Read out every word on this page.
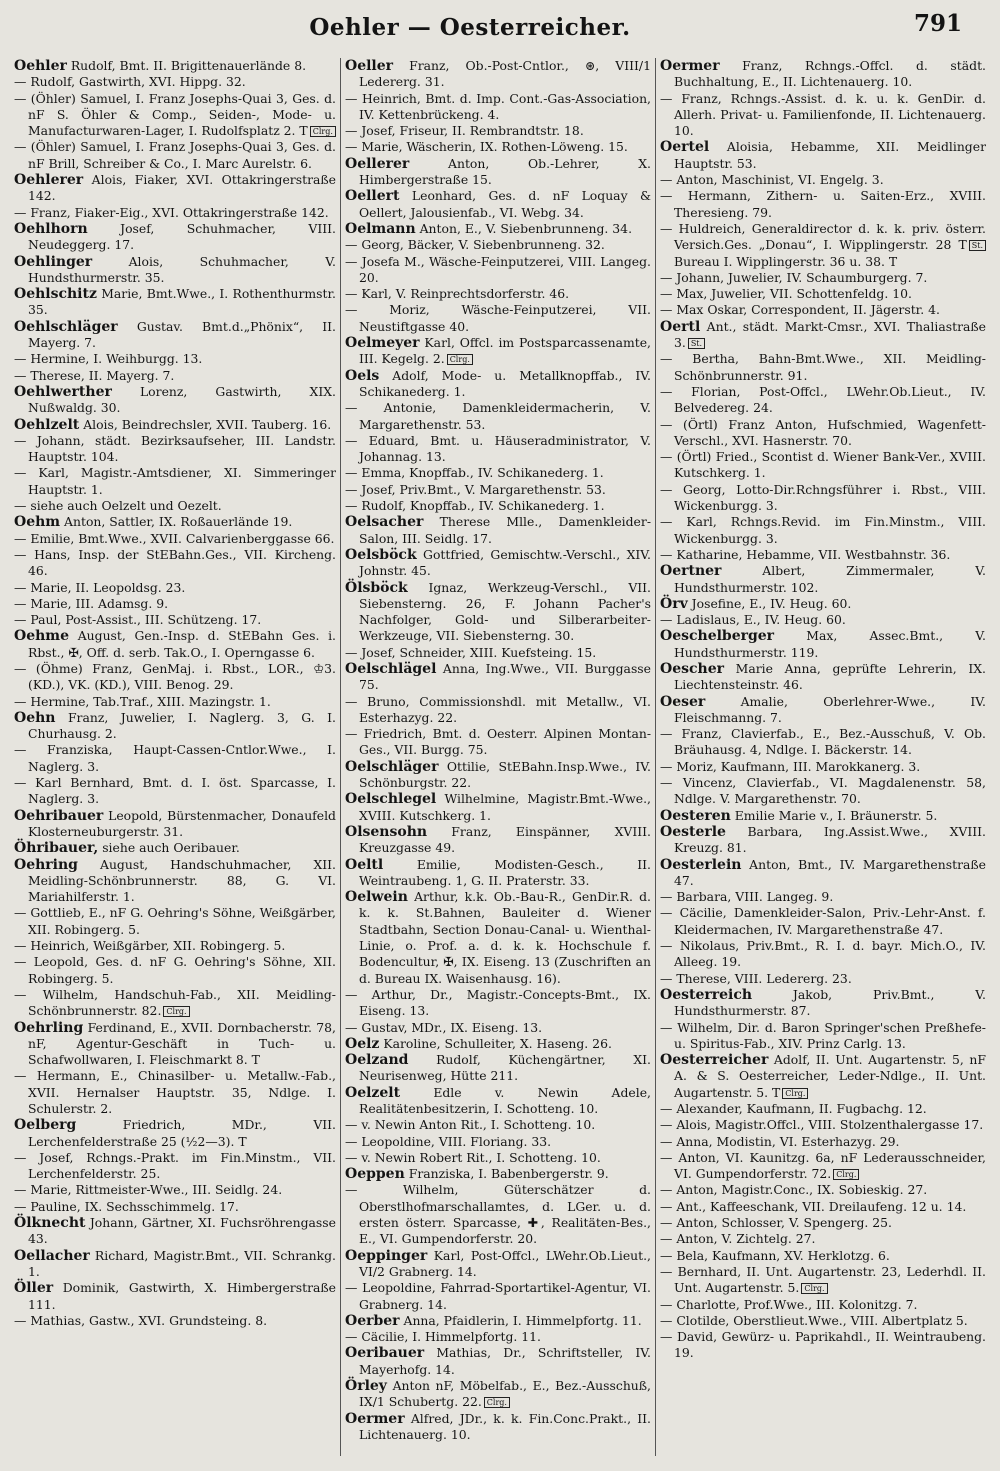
Oehler — Oesterreicher.	791

Oehler Rudolf, Bmt. II. Brigittenauerlände 8.

— Rudolf, Gastwirth, XVI. Hippg. 32.

— (Öhler) Samuel, I. Franz Josephs-Quai 3, Ges. d. nF S. Öhler & Comp., Seiden-, Mode- u. Manufacturwaren-Lager, I. Rudolfsplatz 2. T Clrg.

— (Öhler) Samuel, I. Franz Josephs-Quai 3, Ges. d. nF Brill, Schreiber & Co., I. Marc Aurelstr. 6.

Oehlerer Alois, Fiaker, XVI. Ottakringerstraße 142.

— Franz, Fiaker-Eig., XVI. Ottakringerstraße 142.

Oehlhorn Josef, Schuhmacher, VIII. Neudeggerg. 17.

Oehlinger Alois, Schuhmacher, V. Hundsthurmerstr. 35.

Oehlschitz Marie, Bmt.Wwe., I. Rothenthurmstr. 35.

Oehlschläger Gustav. Bmt.d.„Phönix“, II. Mayerg. 7.

— Hermine, I. Weihburgg. 13.

— Therese, II. Mayerg. 7.

Oehlwerther Lorenz, Gastwirth, XIX. Nußwaldg. 30.

Oehlzelt Alois, Beindrechsler, XVII. Tauberg. 16.

— Johann, städt. Bezirksaufseher, III. Landstr. Hauptstr. 104.

— Karl, Magistr.-Amtsdiener, XI. Simmeringer Hauptstr. 1.

— siehe auch Oelzelt und Oezelt.

Oehm Anton, Sattler, IX. Roßauerlände 19.

— Emilie, Bmt.Wwe., XVII. Calvarienberggasse 66.

— Hans, Insp. der StEBahn.Ges., VII. Kircheng. 46.

— Marie, II. Leopoldsg. 23.

— Marie, III. Adamsg. 9.

— Paul, Post-Assist., III. Schützeng. 17.

Oehme August, Gen.-Insp. d. StEBahn Ges. i. Rbst., ✠, Off. d. serb. Tak.O., I. Operngasse 6.

— (Öhme) Franz, GenMaj. i. Rbst., LOR., ♔3. (KD.), VK. (KD.), VIII. Benog. 29.

— Hermine, Tab.Traf., XIII. Mazingstr. 1.

Oehn Franz, Juwelier, I. Naglerg. 3, G. I. Churhausg. 2.

— Franziska, Haupt-Cassen-Cntlor.Wwe., I. Naglerg. 3.

— Karl Bernhard, Bmt. d. I. öst. Sparcasse, I. Naglerg. 3.

Oehribauer Leopold, Bürstenmacher, Donaufeld Klosterneuburgerstr. 31.

Öhribauer, siehe auch Oeribauer.

Oehring August, Handschuhmacher, XII. Meidling-Schönbrunnerstr. 88, G. VI. Mariahilferstr. 1.

— Gottlieb, E., nF G. Oehring's Söhne, Weißgärber, XII. Robingerg. 5.

— Heinrich, Weißgärber, XII. Robingerg. 5.

— Leopold, Ges. d. nF G. Oehring's Söhne, XII. Robingerg. 5.

— Wilhelm, Handschuh-Fab., XII. Meidling-Schönbrunnerstr. 82. Clrg.

Oehrling Ferdinand, E., XVII. Dornbacherstr. 78, nF, Agentur-Geschäft in Tuch- u. Schafwollwaren, I. Fleischmarkt 8. T

— Hermann, E., Chinasilber- u. Metallw.-Fab., XVII. Hernalser Hauptstr. 35, Ndlge. I. Schulerstr. 2.

Oelberg Friedrich, MDr., VII. Lerchenfelderstraße 25 (½2—3). T

— Josef, Rchngs.-Prakt. im Fin.Minstm., VII. Lerchenfelderstr. 25.

— Marie, Rittmeister-Wwe., III. Seidlg. 24.

— Pauline, IX. Sechsschimmelg. 17.

Ölknecht Johann, Gärtner, XI. Fuchsröhrengasse 43.

Oellacher Richard, Magistr.Bmt., VII. Schrankg. 1.

Öller Dominik, Gastwirth, X. Himbergerstraße 111.

— Mathias, Gastw., XVI. Grundsteing. 8.

Oeller Franz, Ob.-Post-Cntlor., ⊛, VIII/1 Ledererg. 31.

— Heinrich, Bmt. d. Imp. Cont.-Gas-Association, IV. Kettenbrückeng. 4.

— Josef, Friseur, II. Rembrandtstr. 18.

— Marie, Wäscherin, IX. Rothen-Löweng. 15.

Oellerer Anton, Ob.-Lehrer, X. Himbergerstraße 15.

Oellert Leonhard, Ges. d. nF Loquay & Oellert, Jalousienfab., VI. Webg. 34.

Oelmann Anton, E., V. Siebenbrunneng. 34.

— Georg, Bäcker, V. Siebenbrunneng. 32.

— Josefa M., Wäsche-Feinputzerei, VIII. Langeg. 20.

— Karl, V. Reinprechtsdorferstr. 46.

— Moriz, Wäsche-Feinputzerei, VII. Neustiftgasse 40.

Oelmeyer Karl, Offcl. im Postsparcassenamte, III. Kegelg. 2. Clrg.

Oels Adolf, Mode- u. Metallknopffab., IV. Schikanederg. 1.

— Antonie, Damenkleidermacherin, V. Margarethenstr. 53.

— Eduard, Bmt. u. Häuseradministrator, V. Johannag. 13.

— Emma, Knopffab., IV. Schikanederg. 1.

— Josef, Priv.Bmt., V. Margarethenstr. 53.

— Rudolf, Knopffab., IV. Schikanederg. 1.

Oelsacher Therese Mlle., Damenkleider-Salon, III. Seidlg. 17.

Oelsböck Gottfried, Gemischtw.-Verschl., XIV. Johnstr. 45.

Ölsböck Ignaz, Werkzeug-Verschl., VII. Siebensterng. 26, F. Johann Pacher's Nachfolger, Gold- und Silberarbeiter-Werkzeuge, VII. Siebensterng. 30.

— Josef, Schneider, XIII. Kuefsteing. 15.

Oelschlägel Anna, Ing.Wwe., VII. Burggasse 75.

— Bruno, Commissionshdl. mit Metallw., VI. Esterhazyg. 22.

— Friedrich, Bmt. d. Oesterr. Alpinen Montan-Ges., VII. Burgg. 75.

Oelschläger Ottilie, StEBahn.Insp.Wwe., IV. Schönburgstr. 22.

Oelschlegel Wilhelmine, Magistr.Bmt.-Wwe., XVIII. Kutschkerg. 1.

Olsensohn Franz, Einspänner, XVIII. Kreuzgasse 49.

Oeltl Emilie, Modisten-Gesch., II. Weintraubeng. 1, G. II. Praterstr. 33.

Oelwein Arthur, k.k. Ob.-Bau-R., GenDir.R. d. k. k. St.Bahnen, Bauleiter d. Wiener Stadtbahn, Section Donau-Canal- u. Wienthal-Linie, o. Prof. a. d. k. k. Hochschule f. Bodencultur, ✠, IX. Eiseng. 13 (Zuschriften an d. Bureau IX. Waisenhausg. 16).

— Arthur, Dr., Magistr.-Concepts-Bmt., IX. Eiseng. 13.

— Gustav, MDr., IX. Eiseng. 13.

Oelz Karoline, Schulleiter, X. Haseng. 26.

Oelzand Rudolf, Küchengärtner, XI. Neurisenweg, Hütte 211.

Oelzelt Edle v. Newin Adele, Realitätenbesitzerin, I. Schotteng. 10.

— v. Newin Anton Rit., I. Schotteng. 10.

— Leopoldine, VIII. Floriang. 33.

— v. Newin Robert Rit., I. Schotteng. 10.

Oeppen Franziska, I. Babenbergerstr. 9.

— Wilhelm, Güterschätzer d. Oberstlhofmarschallamtes, d. LGer. u. d. ersten österr. Sparcasse, ✚, Realitäten-Bes., E., VI. Gumpendorferstr. 20.

Oeppinger Karl, Post-Offcl., LWehr.Ob.Lieut., VI/2 Grabnerg. 14.

— Leopoldine, Fahrrad-Sportartikel-Agentur, VI. Grabnerg. 14.

Oerber Anna, Pfaidlerin, I. Himmelpfortg. 11.

— Cäcilie, I. Himmelpfortg. 11.

Oeribauer Mathias, Dr., Schriftsteller, IV. Mayerhofg. 14.

Örley Anton nF, Möbelfab., E., Bez.-Ausschuß, IX/1 Schubertg. 22. Clrg.

Oermer Alfred, JDr., k. k. Fin.Conc.Prakt., II. Lichtenauerg. 10.

Oermer Franz, Rchngs.-Offcl. d. städt. Buchhaltung, E., II. Lichtenauerg. 10.

— Franz, Rchngs.-Assist. d. k. u. k. GenDir. d. Allerh. Privat- u. Familienfonde, II. Lichtenauerg. 10.

Oertel Aloisia, Hebamme, XII. Meidlinger Hauptstr. 53.

— Anton, Maschinist, VI. Engelg. 3.

— Hermann, Zithern- u. Saiten-Erz., XVIII. Theresieng. 79.

— Huldreich, Generaldirector d. k. k. priv. österr. Versich.Ges. „Donau“, I. Wipplingerstr. 28 T St. Bureau I. Wipplingerstr. 36 u. 38. T

— Johann, Juwelier, IV. Schaumburgerg. 7.

— Max, Juwelier, VII. Schottenfeldg. 10.

— Max Oskar, Correspondent, II. Jägerstr. 4.

Oertl Ant., städt. Markt-Cmsr., XVI. Thaliastraße 3. St.

— Bertha, Bahn-Bmt.Wwe., XII. Meidling-Schönbrunnerstr. 91.

— Florian, Post-Offcl., LWehr.Ob.Lieut., IV. Belvedereg. 24.

— (Örtl) Franz Anton, Hufschmied, Wagenfett-Verschl., XVI. Hasnerstr. 70.

— (Örtl) Fried., Scontist d. Wiener Bank-Ver., XVIII. Kutschkerg. 1.

— Georg, Lotto-Dir.Rchngsführer i. Rbst., VIII. Wickenburgg. 3.

— Karl, Rchngs.Revid. im Fin.Minstm., VIII. Wickenburgg. 3.

— Katharine, Hebamme, VII. Westbahnstr. 36.

Oertner Albert, Zimmermaler, V. Hundsthurmerstr. 102.

Örv Josefine, E., IV. Heug. 60.

— Ladislaus, E., IV. Heug. 60.

Oeschelberger Max, Assec.Bmt., V. Hundsthurmerstr. 119.

Oescher Marie Anna, geprüfte Lehrerin, IX. Liechtensteinstr. 46.

Oeser Amalie, Oberlehrer-Wwe., IV. Fleischmanng. 7.

— Franz, Clavierfab., E., Bez.-Ausschuß, V. Ob. Bräuhausg. 4, Ndlge. I. Bäckerstr. 14.

— Moriz, Kaufmann, III. Marokkanerg. 3.

— Vincenz, Clavierfab., VI. Magdalenenstr. 58, Ndlge. V. Margarethenstr. 70.

Oesteren Emilie Marie v., I. Bräunerstr. 5.

Oesterle Barbara, Ing.Assist.Wwe., XVIII. Kreuzg. 81.

Oesterlein Anton, Bmt., IV. Margarethenstraße 47.

— Barbara, VIII. Langeg. 9.

— Cäcilie, Damenkleider-Salon, Priv.-Lehr-Anst. f. Kleidermachen, IV. Margarethenstraße 47.

— Nikolaus, Priv.Bmt., R. I. d. bayr. Mich.O., IV. Alleeg. 19.

— Therese, VIII. Ledererg. 23.

Oesterreich Jakob, Priv.Bmt., V. Hundsthurmerstr. 87.

— Wilhelm, Dir. d. Baron Springer'schen Preßhefe- u. Spiritus-Fab., XIV. Prinz Carlg. 13.

Oesterreicher Adolf, II. Unt. Augartenstr. 5, nF A. & S. Oesterreicher, Leder-Ndlge., II. Unt. Augartenstr. 5. T Clrg.

— Alexander, Kaufmann, II. Fugbachg. 12.

— Alois, Magistr.Offcl., VIII. Stolzenthalergasse 17.

— Anna, Modistin, VI. Esterhazyg. 29.

— Anton, VI. Kaunitzg. 6a, nF Lederausschneider, VI. Gumpendorferstr. 72. Clrg.

— Anton, Magistr.Conc., IX. Sobieskig. 27.

— Ant., Kaffeeschank, VII. Dreilaufeng. 12 u. 14.

— Anton, Schlosser, V. Spengerg. 25.

— Anton, V. Zichtelg. 27.

— Bela, Kaufmann, XV. Herklotzg. 6.

— Bernhard, II. Unt. Augartenstr. 23, Lederhdl. II. Unt. Augartenstr. 5. Clrg.

— Charlotte, Prof.Wwe., III. Kolonitzg. 7.

— Clotilde, Oberstlieut.Wwe., VIII. Albertplatz 5.

— David, Gewürz- u. Paprikahdl., II. Weintraubeng. 19.
